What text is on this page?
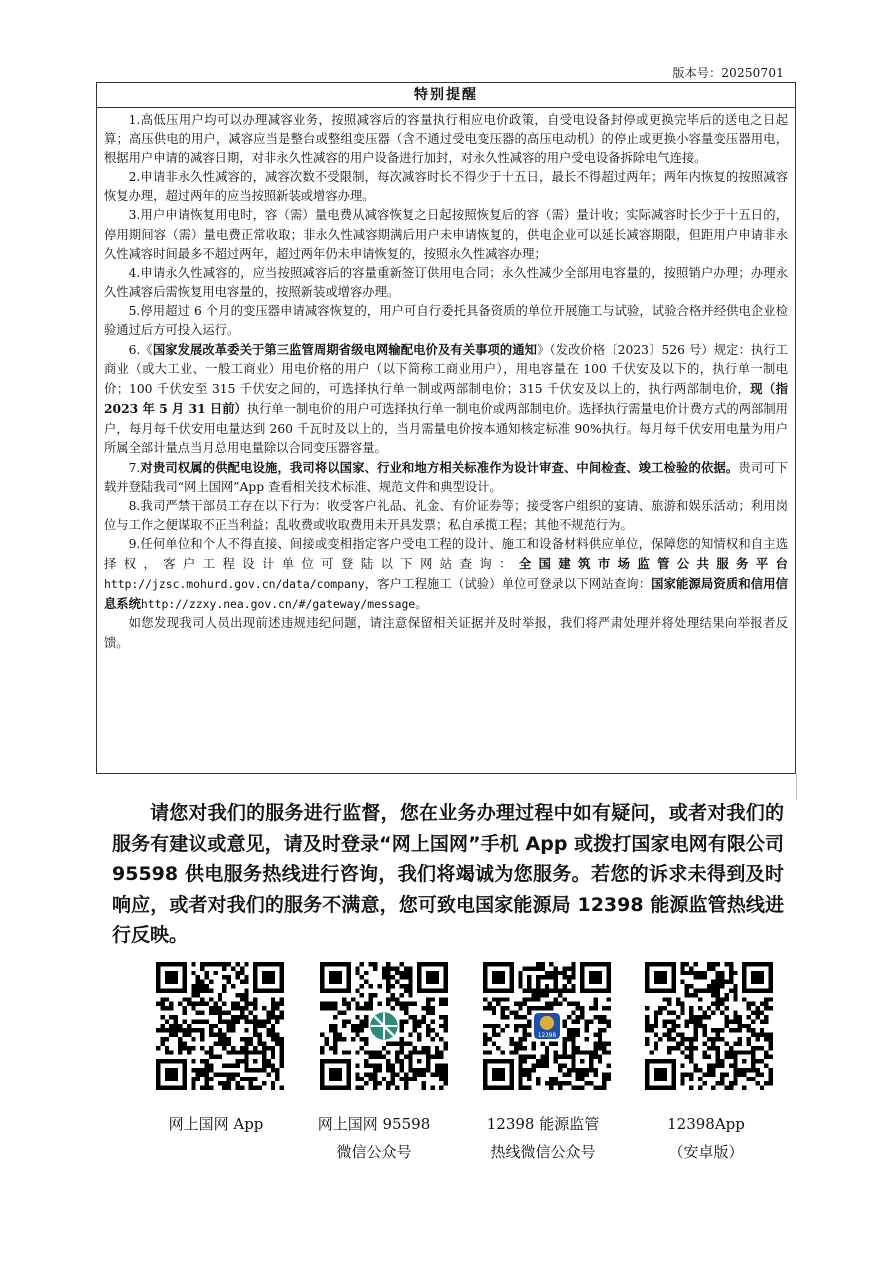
版本号：20250701
特别提醒

1.高低压用户均可以办理减容业务，按照减容后的容量执行相应电价政策，自受电设备封停或更换完毕后的送电之日起算；高压供电的用户，减容应当是整台或整组变压器（含不通过受电变压器的高压电动机）的停止或更换小容量变压器用电，根据用户申请的减容日期，对非永久性减容的用户设备进行加封，对永久性减容的用户受电设备拆除电气连接。

2.申请非永久性减容的，减容次数不受限制，每次减容时长不得少于十五日，最长不得超过两年；两年内恢复的按照减容恢复办理，超过两年的应当按照新装或增容办理。

3.用户申请恢复用电时，容（需）量电费从减容恢复之日起按照恢复后的容（需）量计收；实际减容时长少于十五日的，停用期间容（需）量电费正常收取；非永久性减容期满后用户未申请恢复的，供电企业可以延长减容期限，但距用户申请非永久性减容时间最多不超过两年，超过两年仍未申请恢复的，按照永久性减容办理；

4.申请永久性减容的，应当按照减容后的容量重新签订供用电合同；永久性减少全部用电容量的，按照销户办理；办理永久性减容后需恢复用电容量的，按照新装或增容办理。

5.停用超过 6 个月的变压器申请减容恢复的，用户可自行委托具备资质的单位开展施工与试验，试验合格并经供电企业检验通过后方可投入运行。

6.《国家发展改革委关于第三监管周期省级电网输配电价及有关事项的通知》（发改价格〔2023〕526 号）规定：执行工商业（或大工业、一般工商业）用电价格的用户（以下简称工商业用户），用电容量在 100 千伏安及以下的，执行单一制电价；100 千伏安至 315 千伏安之间的，可选择执行单一制或两部制电价；315 千伏安及以上的，执行两部制电价，现（指 2023 年 5 月 31 日前）执行单一制电价的用户可选择执行单一制电价或两部制电价。选择执行需量电价计费方式的两部制用户，每月每千伏安用电量达到 260 千瓦时及以上的，当月需量电价按本通知核定标准 90%执行。每月每千伏安用电量为用户所属全部计量点当月总用电量除以合同变压器容量。

7.对贵司权属的供配电设施，我司将以国家、行业和地方相关标准作为设计审查、中间检查、竣工检验的依据。贵司可下载并登陆我司“网上国网”App 查看相关技术标准、规范文件和典型设计。

8.我司严禁干部员工存在以下行为：收受客户礼品、礼金、有价证券等；接受客户组织的宴请、旅游和娱乐活动；利用岗位与工作之便谋取不正当利益；乱收费或收取费用未开具发票；私自承揽工程；其他不规范行为。

9.任何单位和个人不得直接、间接或变相指定客户受电工程的设计、施工和设备材料供应单位，保障您的知情权和自主选择权，客户工程设计单位可登陆以下网站查询：全国建筑市场监管公共服务平台http://jzsc.mohurd.gov.cn/data/company，客户工程施工（试验）单位可登录以下网站查询：国家能源局资质和信用信息系统http://zzxy.nea.gov.cn/#/gateway/message。

如您发现我司人员出现前述违规违纪问题，请注意保留相关证据并及时举报，我们将严肃处理并将处理结果向举报者反馈。

请您对我们的服务进行监督，您在业务办理过程中如有疑问，或者对我们的服务有建议或意见，请及时登录“网上国网”手机 App 或拨打国家电网有限公司 95598 供电服务热线进行咨询，我们将竭诚为您服务。若您的诉求未得到及时响应，或者对我们的服务不满意，您可致电国家能源局 12398 能源监管热线进行反映。

12398
网上国网 App	网上国网 95598
微信公众号
12398 能源监管
热线微信公众号
12398App
（安卓版）
